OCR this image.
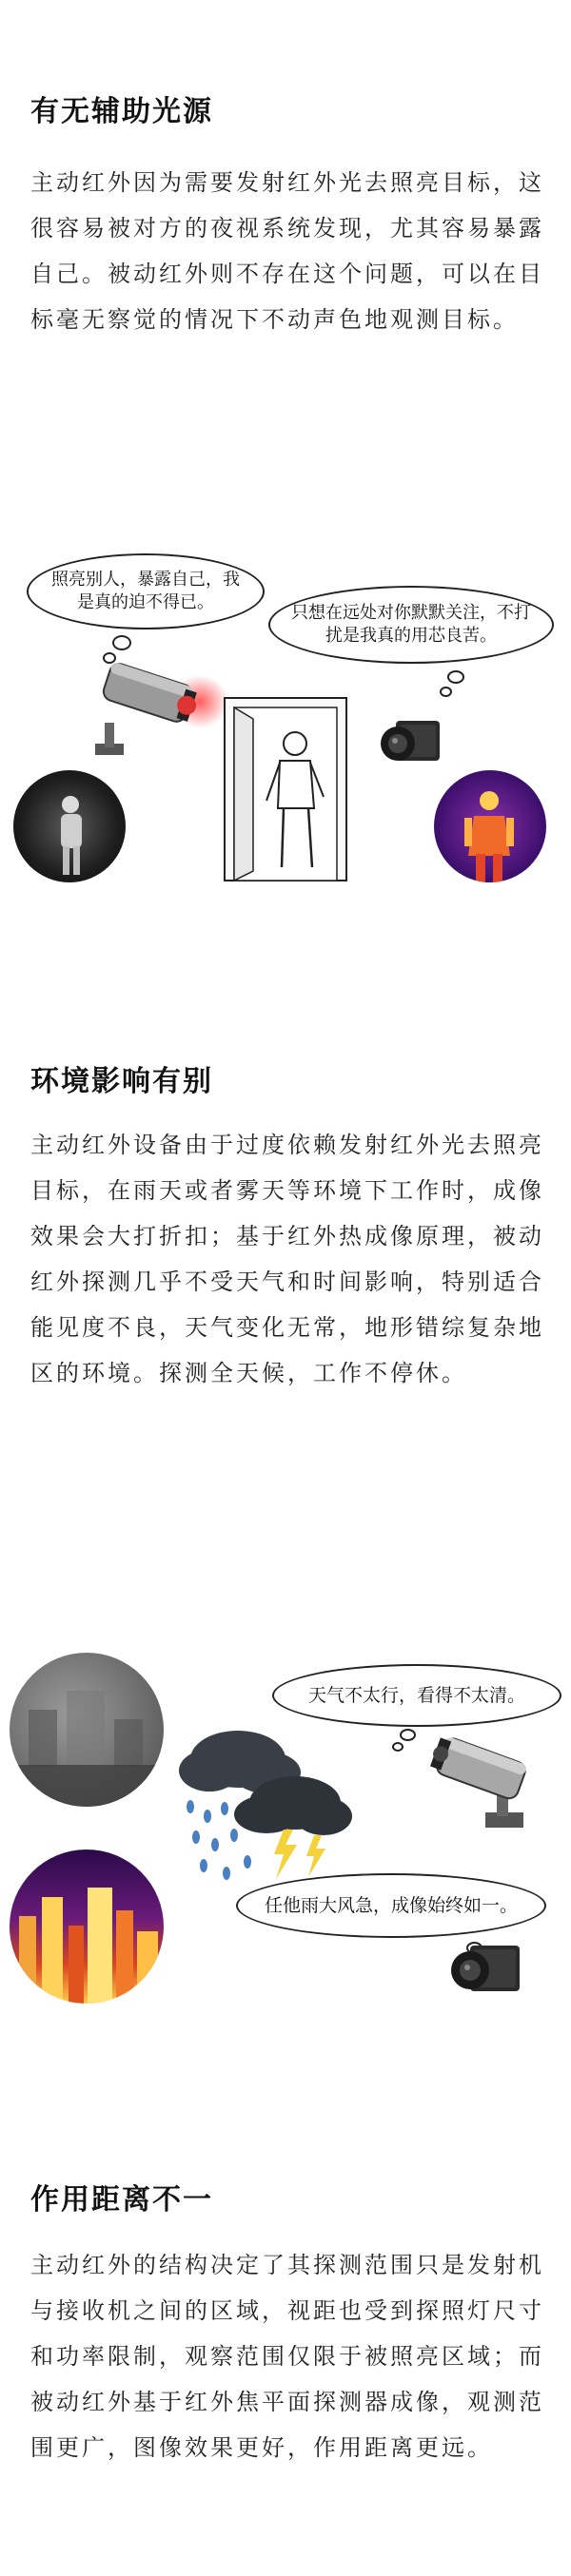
有无辅助光源
主动红外因为需要发射红外光去照亮目标，这很容易被对方的夜视系统发现，尤其容易暴露自己。被动红外则不存在这个问题，可以在目标毫无察觉的情况下不动声色地观测目标。
照亮别人，暴露自己，我是真的迫不得已。
只想在远处对你默默关注，不打扰是我真的用芯良苦。
环境影响有别
主动红外设备由于过度依赖发射红外光去照亮目标，在雨天或者雾天等环境下工作时，成像效果会大打折扣；基于红外热成像原理，被动红外探测几乎不受天气和时间影响，特别适合能见度不良，天气变化无常，地形错综复杂地区的环境。探测全天候，工作不停休。
天气不太行，看得不太清。
任他雨大风急，成像始终如一。
作用距离不一
主动红外的结构决定了其探测范围只是发射机与接收机之间的区域，视距也受到探照灯尺寸和功率限制，观察范围仅限于被照亮区域；而被动红外基于红外焦平面探测器成像，观测范围更广，图像效果更好，作用距离更远。
